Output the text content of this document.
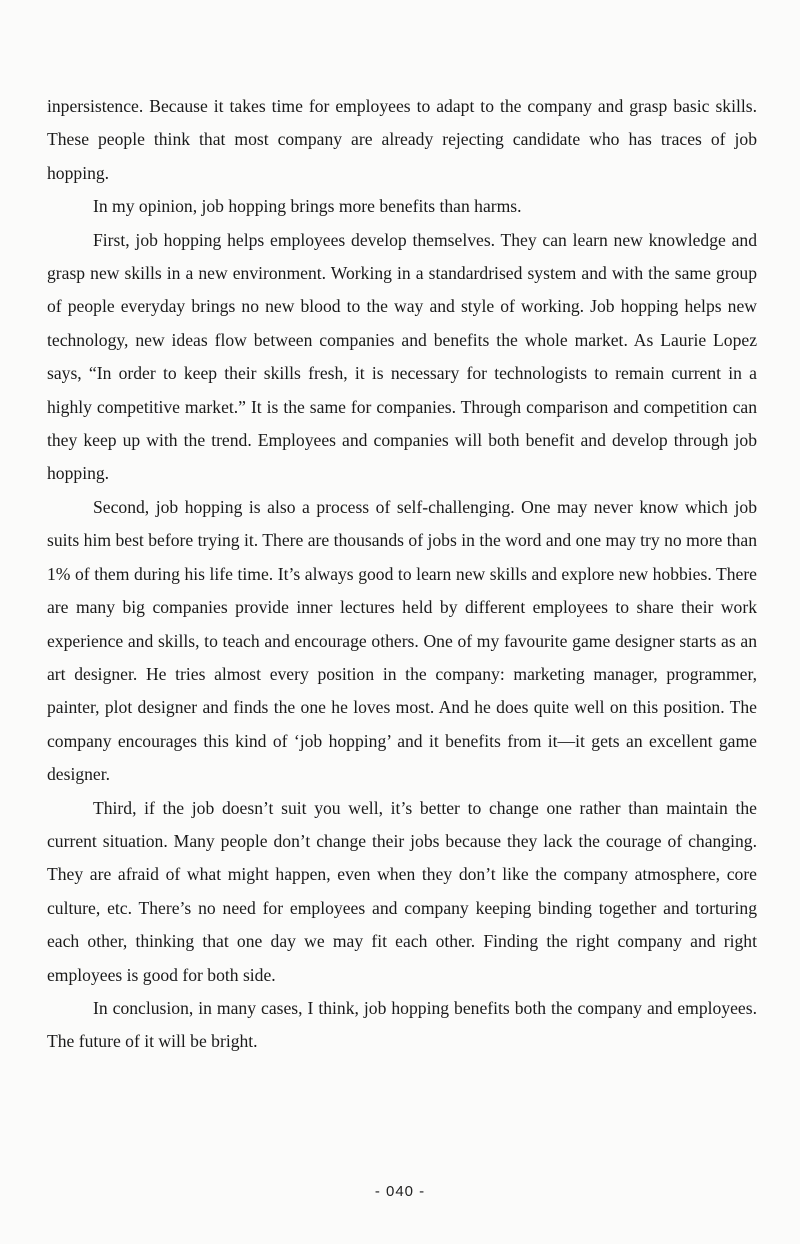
inpersistence. Because it takes time for employees to adapt to the company and grasp basic skills. These people think that most company are already rejecting candidate who has traces of job hopping.

In my opinion, job hopping brings more benefits than harms.

First, job hopping helps employees develop themselves. They can learn new knowledge and grasp new skills in a new environment. Working in a standardrised system and with the same group of people everyday brings no new blood to the way and style of working. Job hopping helps new technology, new ideas flow between companies and benefits the whole market. As Laurie Lopez says, “In order to keep their skills fresh, it is necessary for technologists to remain current in a highly competitive market.” It is the same for companies. Through comparison and competition can they keep up with the trend. Employees and companies will both benefit and develop through job hopping.

Second, job hopping is also a process of self-challenging. One may never know which job suits him best before trying it. There are thousands of jobs in the word and one may try no more than 1% of them during his life time. It’s always good to learn new skills and explore new hobbies. There are many big companies provide inner lectures held by different employees to share their work experience and skills, to teach and encourage others. One of my favourite game designer starts as an art designer. He tries almost every position in the company: marketing manager, programmer, painter, plot designer and finds the one he loves most. And he does quite well on this position. The company encourages this kind of ‘job hopping’ and it benefits from it—it gets an excellent game designer.

Third, if the job doesn’t suit you well, it’s better to change one rather than maintain the current situation. Many people don’t change their jobs because they lack the courage of changing. They are afraid of what might happen, even when they don’t like the company atmosphere, core culture, etc. There’s no need for employees and company keeping binding together and torturing each other, thinking that one day we may fit each other. Finding the right company and right employees is good for both side.

In conclusion, in many cases, I think, job hopping benefits both the company and employees. The future of it will be bright.

- 040 -
